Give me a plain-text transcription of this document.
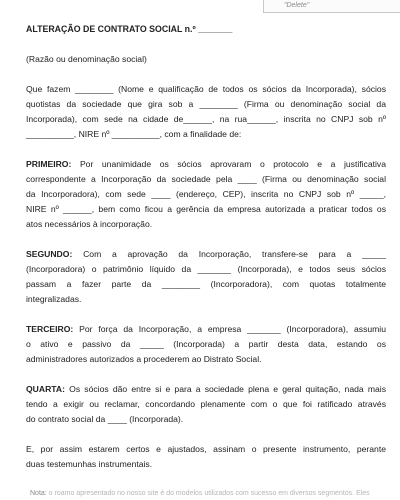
"Delete"
ALTERAÇÃO DE CONTRATO SOCIAL n.º _______
(Razão ou denominação social)
Que fazem ________ (Nome e qualificação de todos os sócios da Incorporada), sócios
quotistas da sociedade que gira sob a ________ (Firma ou denominação social da
Incorporada), com sede na cidade de______, na rua______, inscrita no CNPJ sob nº
__________, NIRE nº __________, com a finalidade de:
PRIMEIRO: Por unanimidade os sócios aprovaram o protocolo e a justificativa
correspondente a Incorporação da sociedade pela ____ (Firma ou denominação social
da Incorporadora), com sede ____ (endereço, CEP), inscrita no CNPJ sob nº _____,
NIRE nº ______, bem como ficou a gerência da empresa autorizada a praticar todos os
atos necessários à incorporação.
SEGUNDO: Com a aprovação da Incorporação, transfere-se para a _____
(Incorporadora) o patrimônio líquido da _______ (Incorporada), e todos seus sócios
passam a fazer parte da ________ (Incorporadora), com quotas totalmente
integralizadas.
TERCEIRO: Por força da Incorporação, a empresa _______ (Incorporadora), assumiu
o ativo e passivo da _____ (Incorporada) a partir desta data, estando os
administradores autorizados a procederem ao Distrato Social.
QUARTA: Os sócios dão entre si e para a sociedade plena e geral quitação, nada mais
tendo a exigir ou reclamar, concordando plenamente com o que foi ratificado através
do contrato social da ____ (Incorporada).
E, por assim estarem certos e ajustados, assinam o presente instrumento, perante
duas testemunhas instrumentais.
Nota: o roamo apresentado no nosso site é do modelos utilizados com sucesso em diversos segmentos. Eles
